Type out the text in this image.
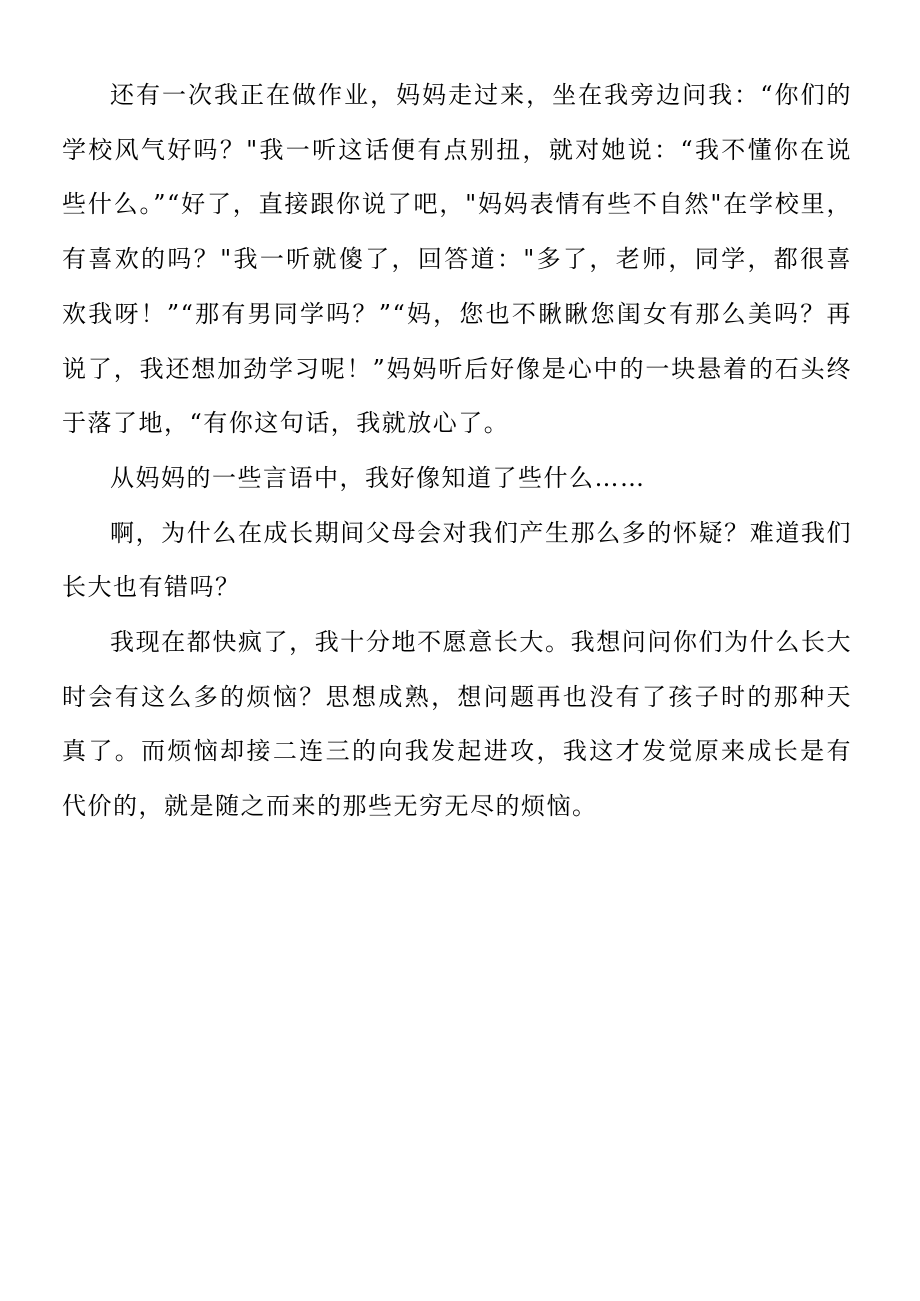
还有一次我正在做作业，妈妈走过来，坐在我旁边问我：“你们的学校风气好吗？"我一听这话便有点别扭，就对她说：“我不懂你在说些什么。”“好了，直接跟你说了吧，"妈妈表情有些不自然"在学校里，有喜欢的吗？"我一听就傻了，回答道："多了，老师，同学，都很喜欢我呀！”“那有男同学吗？”“妈，您也不瞅瞅您闺女有那么美吗？再说了，我还想加劲学习呢！”妈妈听后好像是心中的一块悬着的石头终于落了地，“有你这句话，我就放心了。

从妈妈的一些言语中，我好像知道了些什么……

啊，为什么在成长期间父母会对我们产生那么多的怀疑？难道我们长大也有错吗？

我现在都快疯了，我十分地不愿意长大。我想问问你们为什么长大时会有这么多的烦恼？思想成熟，想问题再也没有了孩子时的那种天真了。而烦恼却接二连三的向我发起进攻，我这才发觉原来成长是有代价的，就是随之而来的那些无穷无尽的烦恼。
